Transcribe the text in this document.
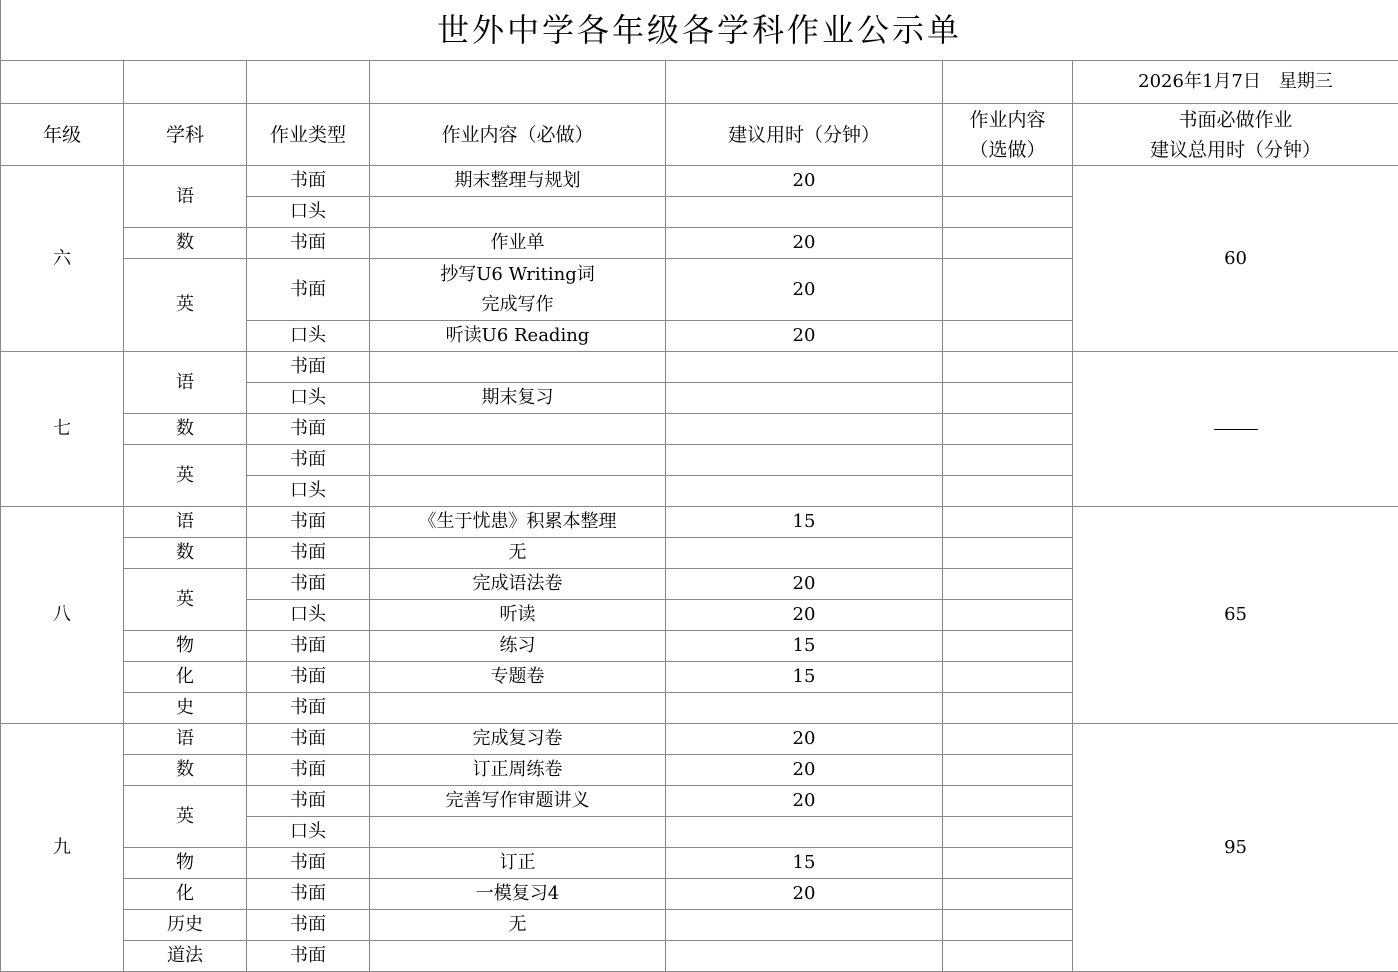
世外中学各年级各学科作业公示单						
						2026年1月7日　星期三
年级	学科	作业类型	作业内容（必做）	建议用时（分钟）	作业内容
（选做）	书面必做作业
建议总用时（分钟）
六	语	书面	期末整理与规划	20		60
		口头				
	数	书面	作业单	20		
	英	书面	抄写U6 Writing词
完成写作	20		
		口头	听读U6 Reading	20		
七	语	书面				
		口头	期末复习			
	数	书面				
	英	书面				
		口头				
八	语	书面	《生于忧患》积累本整理	15		65
	数	书面	无			
	英	书面	完成语法卷	20		
		口头	听读	20		
	物	书面	练习	15		
	化	书面	专题卷	15		
	史	书面				
九	语	书面	完成复习卷	20		95
	数	书面	订正周练卷	20		
	英	书面	完善写作审题讲义	20		
		口头				
	物	书面	订正	15		
	化	书面	一模复习4	20		
	历史	书面	无			
	道法	书面				
